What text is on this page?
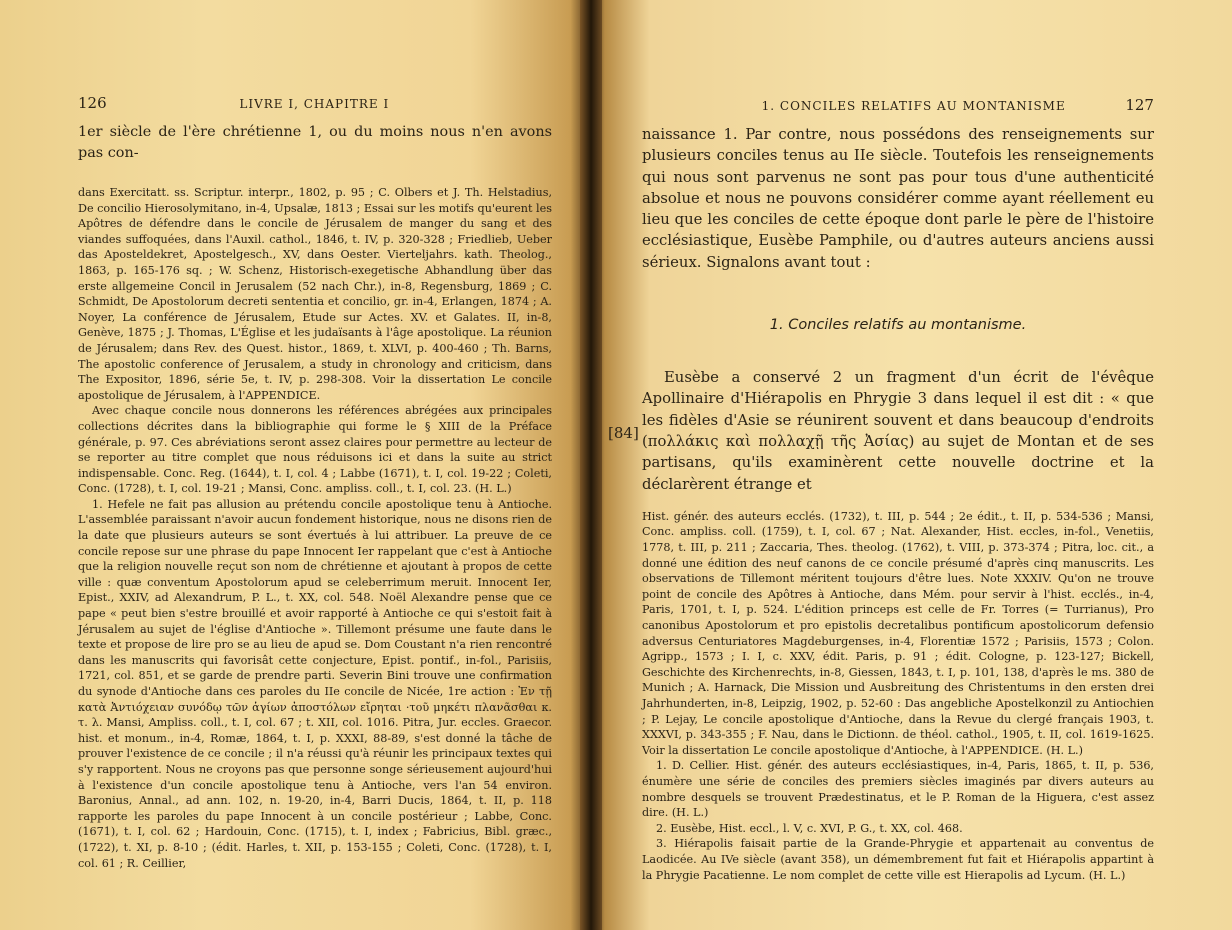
126	LIVRE I, CHAPITRE I

1er siècle de l'ère chrétienne 1, ou du moins nous n'en avons pas con-

dans Exercitatt. ss. Scriptur. interpr., 1802, p. 95 ; C. Olbers et J. Th. Helstadius, De concilio Hierosolymitano, in-4, Upsalæ, 1813 ; Essai sur les motifs qu'eurent les Apôtres de défendre dans le concile de Jérusalem de manger du sang et des viandes suffoquées, dans l'Auxil. cathol., 1846, t. IV, p. 320-328 ; Friedlieb, Ueber das Aposteldekret, Apostelgesch., XV, dans Oester. Vierteljahrs. kath. Theolog., 1863, p. 165-176 sq. ; W. Schenz, Historisch-exegetische Abhandlung über das erste allgemeine Concil in Jerusalem (52 nach Chr.), in-8, Regensburg, 1869 ; C. Schmidt, De Apostolorum decreti sententia et concilio, gr. in-4, Erlangen, 1874 ; A. Noyer, La conférence de Jérusalem, Etude sur Actes. XV. et Galates. II, in-8, Genève, 1875 ; J. Thomas, L'Église et les judaïsants à l'âge apostolique. La réunion de Jérusalem; dans Rev. des Quest. histor., 1869, t. XLVI, p. 400-460 ; Th. Barns, The apostolic conference of Jerusalem, a study in chronology and criticism, dans The Expositor, 1896, série 5e, t. IV, p. 298-308. Voir la dissertation Le concile apostolique de Jérusalem, à l'APPENDICE.

Avec chaque concile nous donnerons les références abrégées aux principales collections décrites dans la bibliographie qui forme le § XIII de la Préface générale, p. 97. Ces abréviations seront assez claires pour permettre au lecteur de se reporter au titre complet que nous réduisons ici et dans la suite au strict indispensable. Conc. Reg. (1644), t. I, col. 4 ; Labbe (1671), t. I, col. 19-22 ; Coleti, Conc. (1728), t. I, col. 19-21 ; Mansi, Conc. ampliss. coll., t. I, col. 23. (H. L.)

1. Hefele ne fait pas allusion au prétendu concile apostolique tenu à Antioche. L'assemblée paraissant n'avoir aucun fondement historique, nous ne disons rien de la date que plusieurs auteurs se sont évertués à lui attribuer. La preuve de ce concile repose sur une phrase du pape Innocent Ier rappelant que c'est à Antioche que la religion nouvelle reçut son nom de chrétienne et ajoutant à propos de cette ville : quæ conventum Apostolorum apud se celeberrimum meruit. Innocent Ier, Epist., XXIV, ad Alexandrum, P. L., t. XX, col. 548. Noël Alexandre pense que ce pape « peut bien s'estre brouillé et avoir rapporté à Antioche ce qui s'estoit fait à Jérusalem au sujet de l'église d'Antioche ». Tillemont présume une faute dans le texte et propose de lire pro se au lieu de apud se. Dom Coustant n'a rien rencontré dans les manuscrits qui favorisât cette conjecture, Epist. pontif., in-fol., Parisiis, 1721, col. 851, et se garde de prendre parti. Severin Bini trouve une confirmation du synode d'Antioche dans ces paroles du IIe concile de Nicée, 1re action : Ἐν τῇ κατὰ Ἀντιόχειαν συνόδῳ τῶν ἁγίων ἀποστόλων εἴρηται ·τοῦ μηκέτι πλανᾶσθαι κ. τ. λ. Mansi, Ampliss. coll., t. I, col. 67 ; t. XII, col. 1016. Pitra, Jur. eccles. Graecor. hist. et monum., in-4, Romæ, 1864, t. I, p. XXXI, 88-89, s'est donné la tâche de prouver l'existence de ce concile ; il n'a réussi qu'à réunir les principaux textes qui s'y rapportent. Nous ne croyons pas que personne songe sérieusement aujourd'hui à l'existence d'un concile apostolique tenu à Antioche, vers l'an 54 environ. Baronius, Annal., ad ann. 102, n. 19-20, in-4, Barri Ducis, 1864, t. II, p. 118 rapporte les paroles du pape Innocent à un concile postérieur ; Labbe, Conc. (1671), t. I, col. 62 ; Hardouin, Conc. (1715), t. I, index ; Fabricius, Bibl. græc., (1722), t. XI, p. 8-10 ; (édit. Harles, t. XII, p. 153-155 ; Coleti, Conc. (1728), t. I, col. 61 ; R. Ceillier,

[84]
1. CONCILES RELATIFS AU MONTANISME	127

naissance 1. Par contre, nous possédons des renseignements sur plusieurs conciles tenus au IIe siècle. Toutefois les renseignements qui nous sont parvenus ne sont pas pour tous d'une authenticité absolue et nous ne pouvons considérer comme ayant réellement eu lieu que les conciles de cette époque dont parle le père de l'histoire ecclésiastique, Eusèbe Pamphile, ou d'autres auteurs anciens aussi sérieux. Signalons avant tout :

1. Conciles relatifs au montanisme.

Eusèbe a conservé 2 un fragment d'un écrit de l'évêque Apollinaire d'Hiérapolis en Phrygie 3 dans lequel il est dit : « que les fidèles d'Asie se réunirent souvent et dans beaucoup d'endroits (πολλάκις καὶ πολλαχῇ τῆς Ἀσίας) au sujet de Montan et de ses partisans, qu'ils examinèrent cette nouvelle doctrine et la déclarèrent étrange et

Hist. génér. des auteurs ecclés. (1732), t. III, p. 544 ; 2e édit., t. II, p. 534-536 ; Mansi, Conc. ampliss. coll. (1759), t. I, col. 67 ; Nat. Alexander, Hist. eccles, in-fol., Venetiis, 1778, t. III, p. 211 ; Zaccaria, Thes. theolog. (1762), t. VIII, p. 373-374 ; Pitra, loc. cit., a donné une édition des neuf canons de ce concile présumé d'après cinq manuscrits. Les observations de Tillemont méritent toujours d'être lues. Note XXXIV. Qu'on ne trouve point de concile des Apôtres à Antioche, dans Mém. pour servir à l'hist. ecclés., in-4, Paris, 1701, t. I, p. 524. L'édition princeps est celle de Fr. Torres (= Turrianus), Pro canonibus Apostolorum et pro epistolis decretalibus pontificum apostolicorum defensio adversus Centuriatores Magdeburgenses, in-4, Florentiæ 1572 ; Parisiis, 1573 ; Colon. Agripp., 1573 ; I. I, c. XXV, édit. Paris, p. 91 ; édit. Cologne, p. 123-127; Bickell, Geschichte des Kirchenrechts, in-8, Giessen, 1843, t. I, p. 101, 138, d'après le ms. 380 de Munich ; A. Harnack, Die Mission und Ausbreitung des Christentums in den ersten drei Jahrhunderten, in-8, Leipzig, 1902, p. 52-60 : Das angebliche Apostelkonzil zu Antiochien ; P. Lejay, Le concile apostolique d'Antioche, dans la Revue du clergé français 1903, t. XXXVI, p. 343-355 ; F. Nau, dans le Dictionn. de théol. cathol., 1905, t. II, col. 1619-1625. Voir la dissertation Le concile apostolique d'Antioche, à l'APPENDICE. (H. L.)

1. D. Cellier. Hist. génér. des auteurs ecclésiastiques, in-4, Paris, 1865, t. II, p. 536, énumère une série de conciles des premiers siècles imaginés par divers auteurs au nombre desquels se trouvent Prædestinatus, et le P. Roman de la Higuera, c'est assez dire. (H. L.)

2. Eusèbe, Hist. eccl., l. V, c. XVI, P. G., t. XX, col. 468.

3. Hiérapolis faisait partie de la Grande-Phrygie et appartenait au conventus de Laodicée. Au IVe siècle (avant 358), un démembrement fut fait et Hiérapolis appartint à la Phrygie Pacatienne. Le nom complet de cette ville est Hierapolis ad Lycum. (H. L.)
